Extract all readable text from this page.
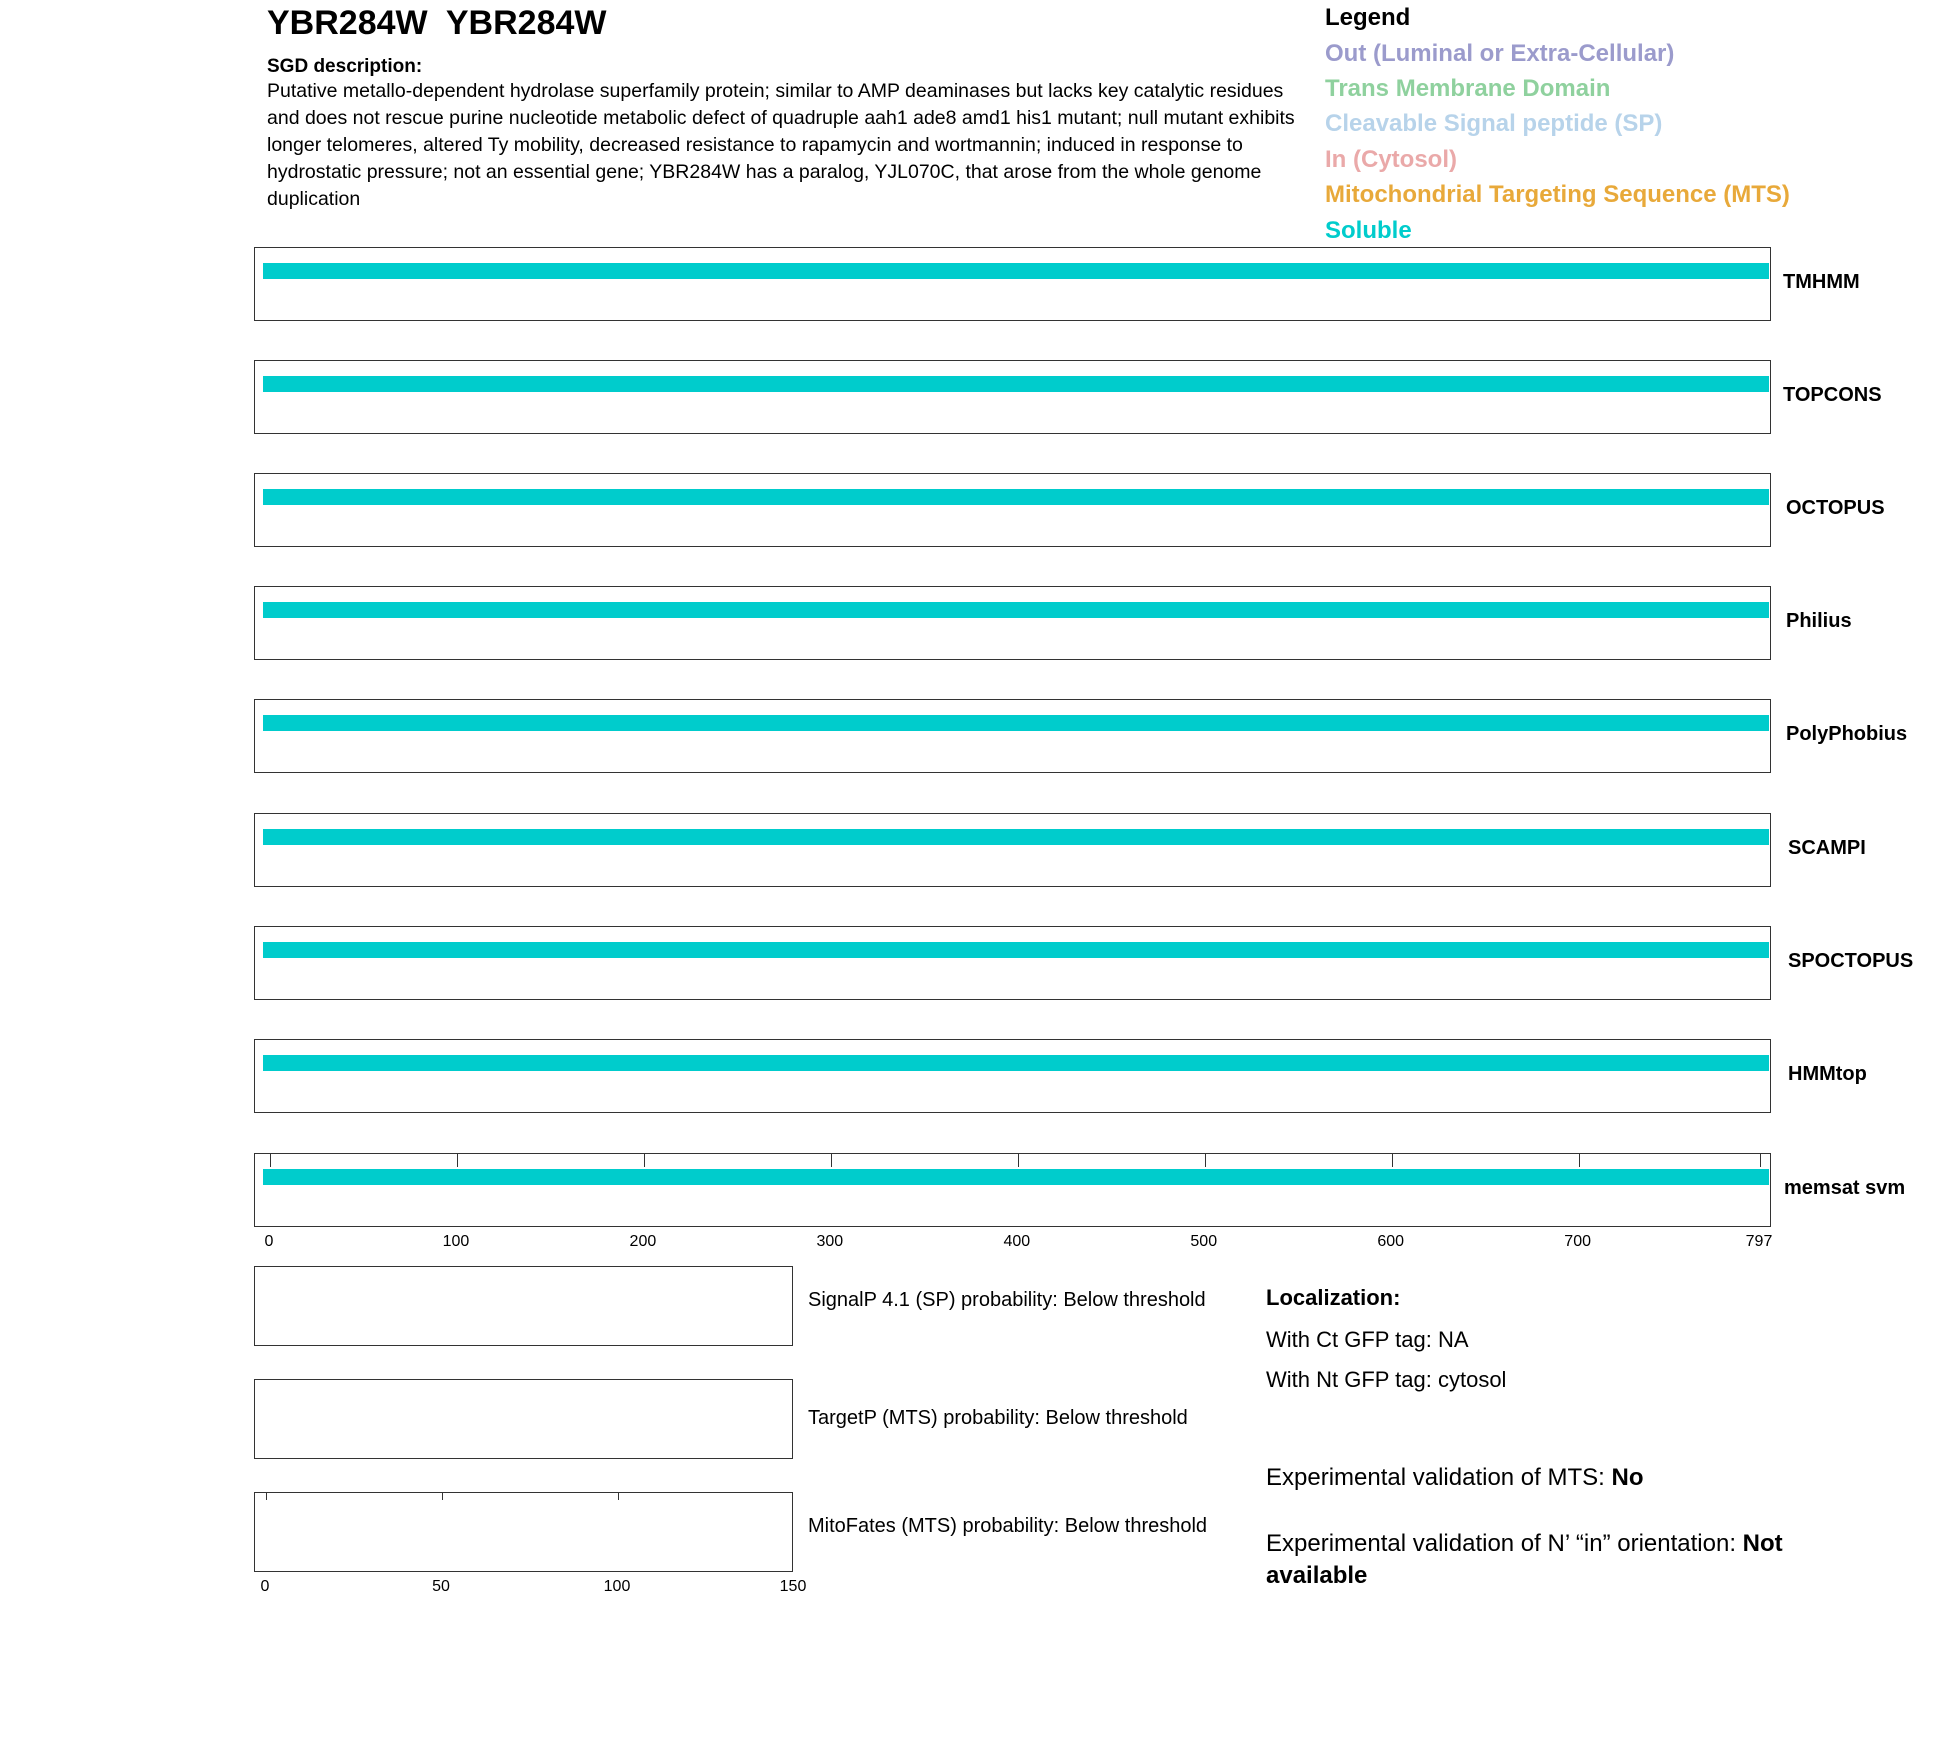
YBR284W  YBR284W
SGD description:
Putative metallo-dependent hydrolase superfamily protein; similar to AMP deaminases but lacks key catalytic residues and does not rescue purine nucleotide metabolic defect of quadruple aah1 ade8 amd1 his1 mutant; null mutant exhibits longer telomeres, altered Ty mobility, decreased resistance to rapamycin and wortmannin; induced in response to hydrostatic pressure; not an essential gene; YBR284W has a paralog, YJL070C, that arose from the whole genome duplication
Legend
Out (Luminal or Extra-Cellular)
Trans Membrane Domain
Cleavable Signal peptide (SP)
In (Cytosol)
Mitochondrial Targeting Sequence (MTS)
Soluble
TMHMM
TOPCONS
OCTOPUS
Philius
PolyPhobius
SCAMPI
SPOCTOPUS
HMMtop
memsat svm
0	100	200	300	400	500	600	700	797
SignalP 4.1 (SP) probability: Below threshold
TargetP (MTS) probability: Below threshold
MitoFates (MTS) probability: Below threshold
0	50	100	150
Localization:
With Ct GFP tag: NA
With Nt GFP tag: cytosol
Experimental validation of MTS: No
Experimental validation of N’ “in” orientation: Not available
